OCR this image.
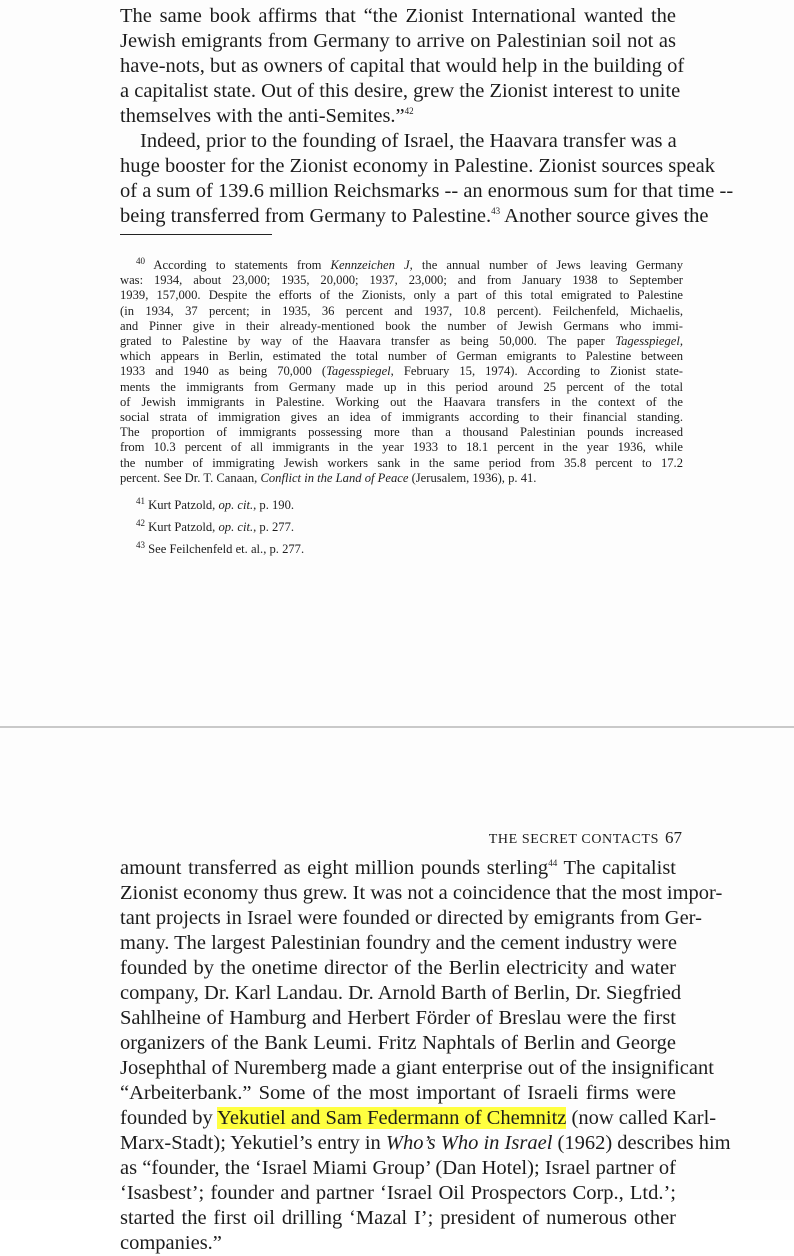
The same book affirms that “the Zionist International wanted the
Jewish emigrants from Germany to arrive on Palestinian soil not as
have-nots, but as owners of capital that would help in the building of
a capitalist state. Out of this desire, grew the Zionist interest to unite
themselves with the anti-Semites.”$^{42}$
Indeed, prior to the founding of Israel, the Haavara transfer was a
huge booster for the Zionist economy in Palestine. Zionist sources speak
of a sum of 139.6 million Reichsmarks -- an enormous sum for that time --
being transferred from Germany to Palestine.$^{43}$ Another source gives the
$^{40}$ According to statements from Kennzeichen J, the annual number of Jews leaving Germany
was: 1934, about 23,000; 1935, 20,000; 1937, 23,000; and from January 1938 to September
1939, 157,000. Despite the efforts of the Zionists, only a part of this total emigrated to Palestine
(in 1934, 37 percent; in 1935, 36 percent and 1937, 10.8 percent). Feilchenfeld, Michaelis,
and Pinner give in their already-mentioned book the number of Jewish Germans who immi-
grated to Palestine by way of the Haavara transfer as being 50,000. The paper Tagesspiegel,
which appears in Berlin, estimated the total number of German emigrants to Palestine between
1933 and 1940 as being 70,000 (Tagesspiegel, February 15, 1974). According to Zionist state-
ments the immigrants from Germany made up in this period around 25 percent of the total
of Jewish immigrants in Palestine. Working out the Haavara transfers in the context of the
social strata of immigration gives an idea of immigrants according to their financial standing.
The proportion of immigrants possessing more than a thousand Palestinian pounds increased
from 10.3 percent of all immigrants in the year 1933 to 18.1 percent in the year 1936, while
the number of immigrating Jewish workers sank in the same period from 35.8 percent to 17.2
percent. See Dr. T. Canaan, Conflict in the Land of Peace (Jerusalem, 1936), p. 41.
$^{41}$ Kurt Patzold, op. cit., p. 190.
$^{42}$ Kurt Patzold, op. cit., p. 277.
$^{43}$ See Feilchenfeld et. al., p. 277.
THE SECRET CONTACTS 67
amount transferred as eight million pounds sterling$^{44}$ The capitalist
Zionist economy thus grew. It was not a coincidence that the most impor-
tant projects in Israel were founded or directed by emigrants from Ger-
many. The largest Palestinian foundry and the cement industry were
founded by the onetime director of the Berlin electricity and water
company, Dr. Karl Landau. Dr. Arnold Barth of Berlin, Dr. Siegfried
Sahlheine of Hamburg and Herbert Förder of Breslau were the first
organizers of the Bank Leumi. Fritz Naphtals of Berlin and George
Josephthal of Nuremberg made a giant enterprise out of the insignificant
“Arbeiterbank.” Some of the most important of Israeli firms were
founded by Yekutiel and Sam Federmann of Chemnitz (now called Karl-
Marx-Stadt); Yekutiel’s entry in Who’s Who in Israel (1962) describes him
as “founder, the ‘Israel Miami Group’ (Dan Hotel); Israel partner of
‘Isasbest’; founder and partner ‘Israel Oil Prospectors Corp., Ltd.’;
started the first oil drilling ‘Mazal I’; president of numerous other
companies.”
